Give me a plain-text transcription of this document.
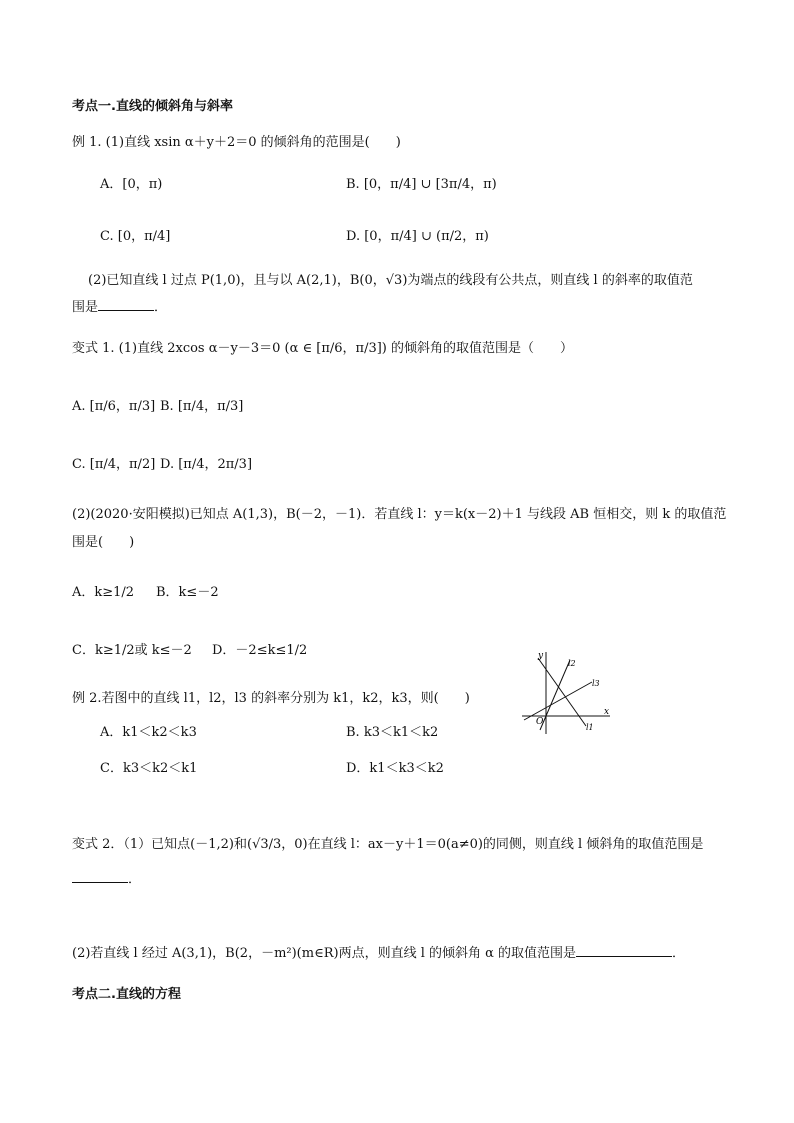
考点一.直线的倾斜角与斜率
例 1. (1)直线 xsin α＋y＋2＝0 的倾斜角的范围是(　　)
A．[0，π)	B. [0，π/4] ∪ [3π/4，π)
C. [0，π/4]	D. [0，π/4] ∪ (π/2，π)
(2)已知直线 l 过点 P(1,0)，且与以 A(2,1)，B(0，√3)为端点的线段有公共点，则直线 l 的斜率的取值范
围是	．
变式 1. (1)直线 2xcos α－y－3＝0 (α ∈ [π/6，π/3]) 的倾斜角的取值范围是（　　）
A. [π/6，π/3] B. [π/4，π/3]
C. [π/4，π/2] D. [π/4，2π/3]
(2)(2020·安阳模拟)已知点 A(1,3)，B(－2，－1)．若直线 l：y＝k(x－2)＋1 与线段 AB 恒相交，则 k 的取值范
围是(　　)
A．k≥1/2 B．k≤－2
C．k≥1/2或 k≤－2 D．－2≤k≤1/2
例 2.若图中的直线 l1，l2，l3 的斜率分别为 k1，k2，k3，则(　　)
A．k1＜k2＜k3	B. k3＜k1＜k2
C．k3＜k2＜k1	D．k1＜k3＜k2
y
x
O
l1
l2
l3
变式 2．（1）已知点(－1,2)和(√3/3，0)在直线 l：ax－y＋1＝0(a≠0)的同侧，则直线 l 倾斜角的取值范围是
．
(2)若直线 l 经过 A(3,1)，B(2，－m²)(m∈R)两点，则直线 l 的倾斜角 α 的取值范围是	．
考点二.直线的方程
